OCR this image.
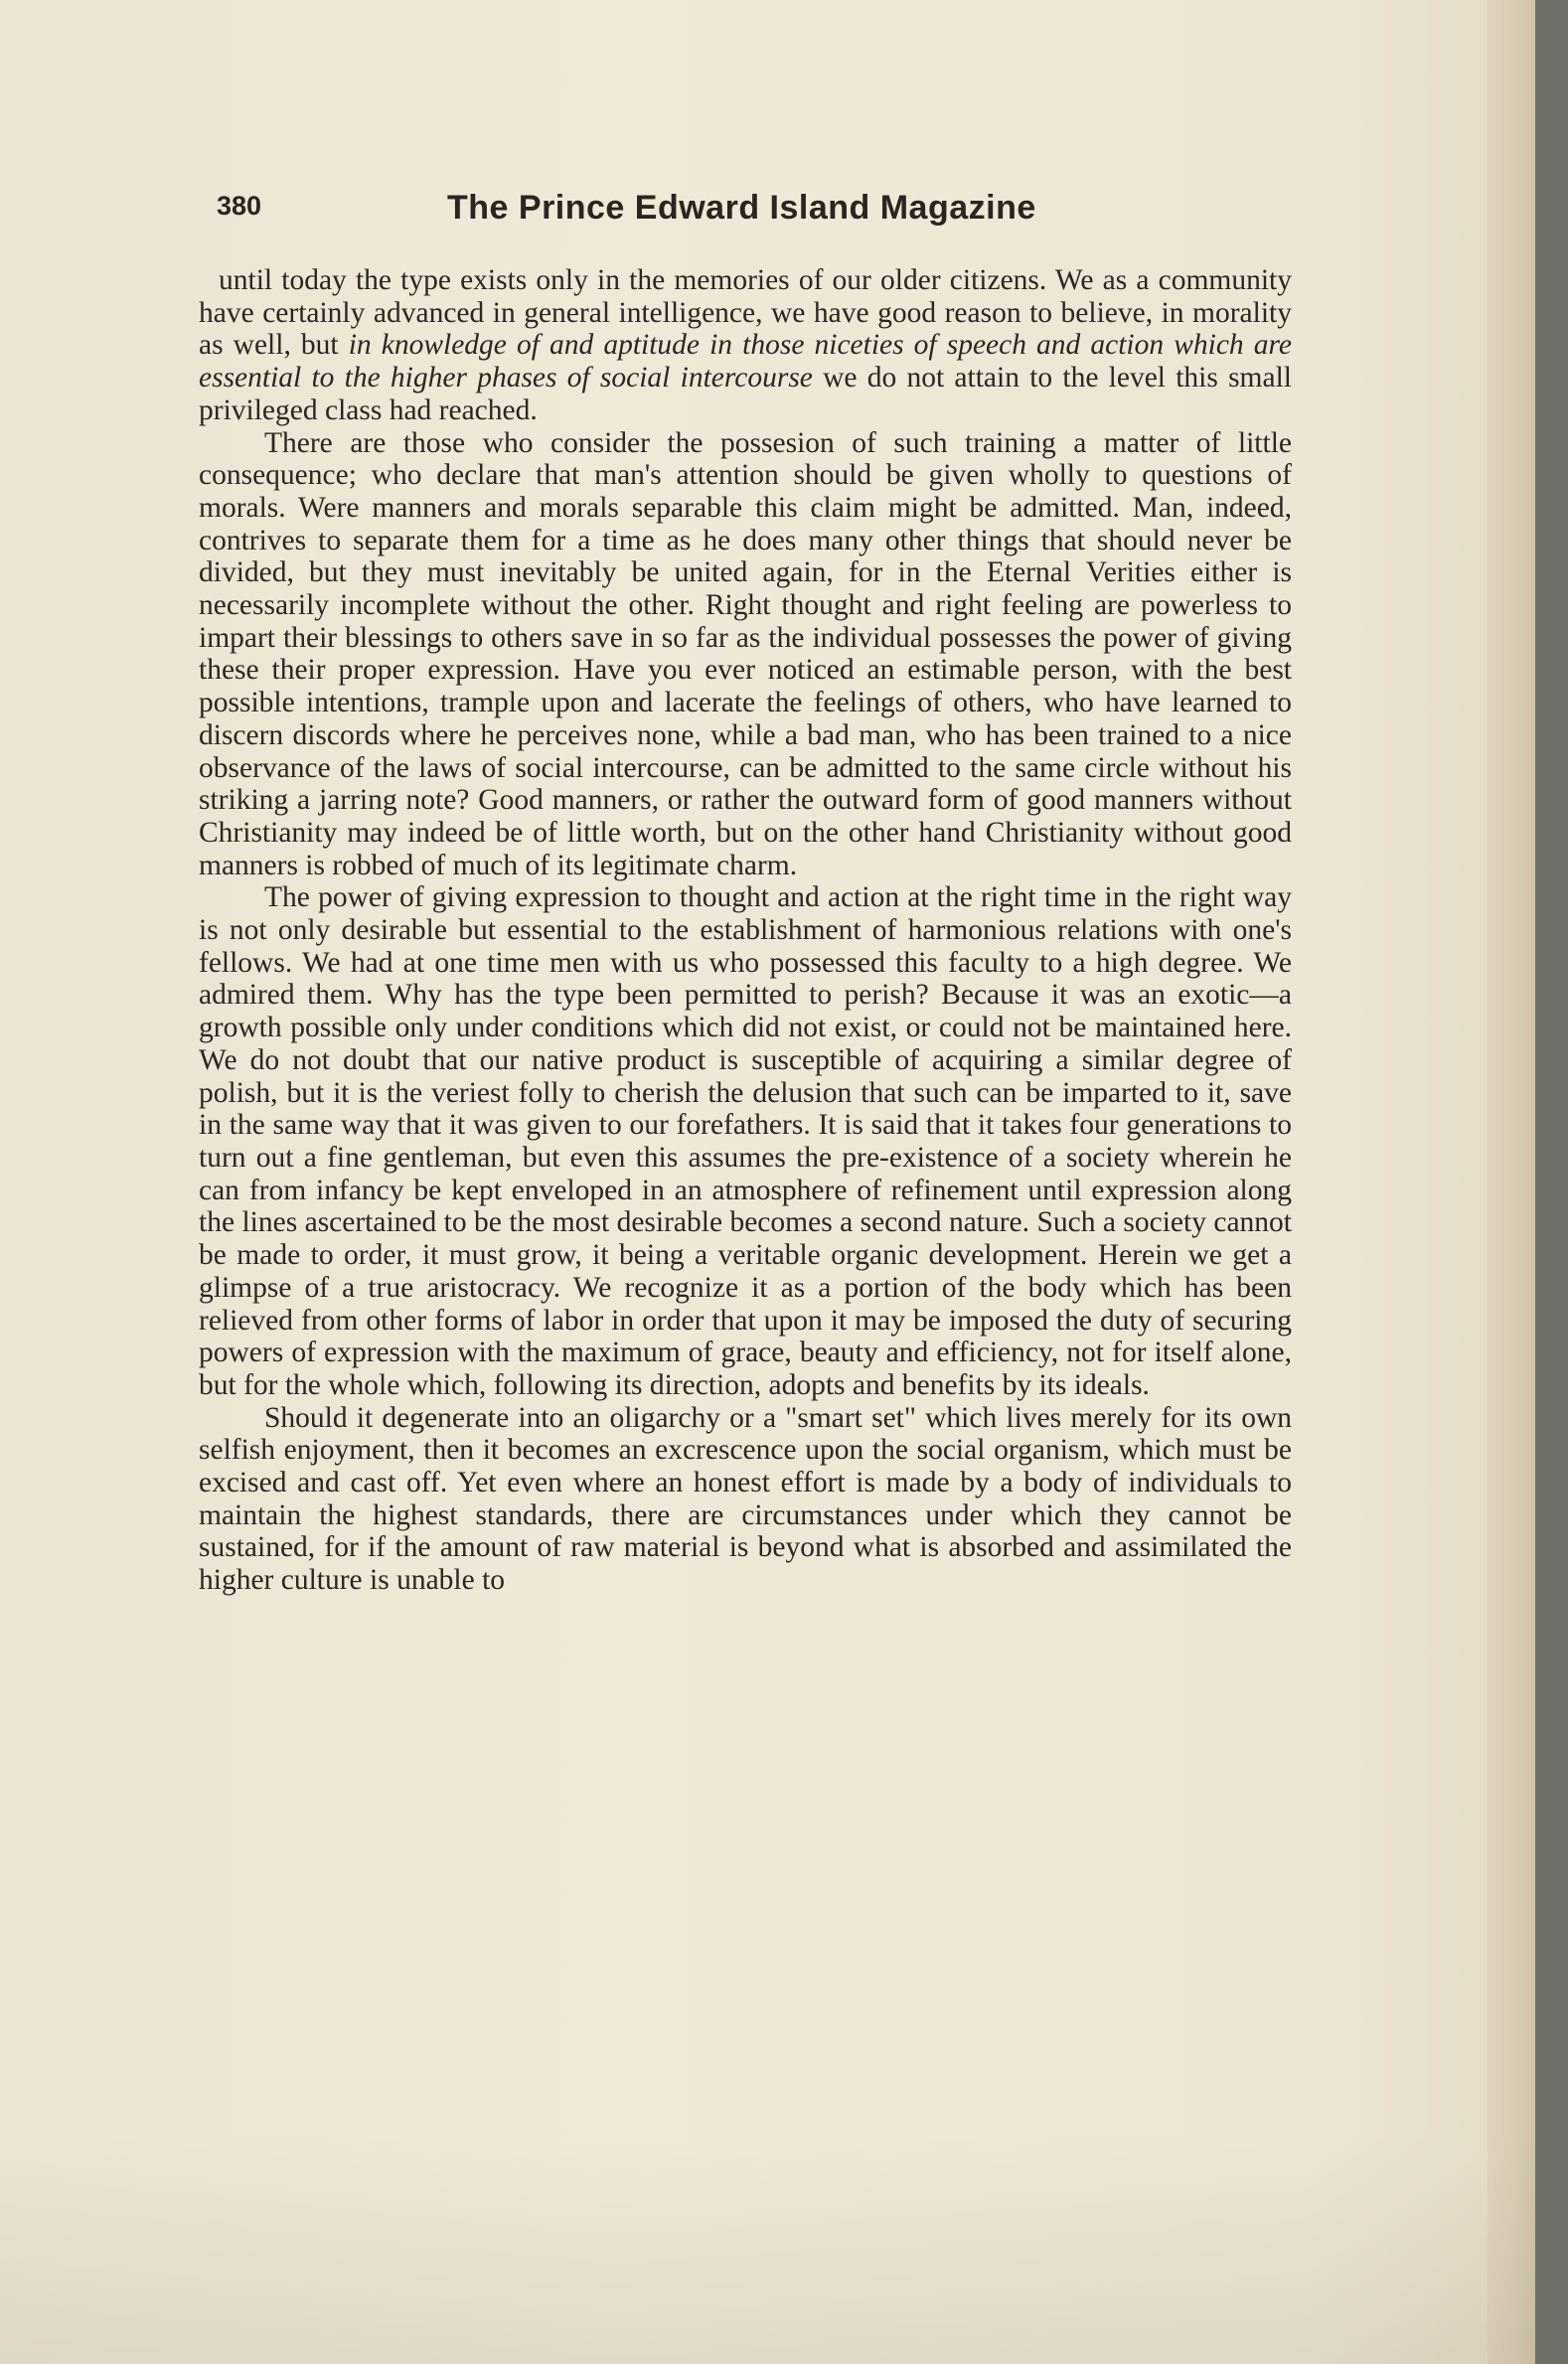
380	The Prince Edward Island Magazine

until today the type exists only in the memories of our older citizens. We as a community have certainly advanced in general intelligence, we have good reason to believe, in morality as well, but in knowledge of and aptitude in those niceties of speech and action which are essential to the higher phases of social intercourse we do not attain to the level this small privileged class had reached.

There are those who consider the possesion of such training a matter of little consequence; who declare that man's attention should be given wholly to questions of morals. Were manners and morals separable this claim might be admitted. Man, indeed, contrives to separate them for a time as he does many other things that should never be divided, but they must inevitably be united again, for in the Eternal Verities either is necessarily incomplete without the other. Right thought and right feeling are powerless to impart their blessings to others save in so far as the individual possesses the power of giving these their proper expression. Have you ever noticed an estimable person, with the best possible intentions, trample upon and lacerate the feelings of others, who have learned to discern discords where he perceives none, while a bad man, who has been trained to a nice observance of the laws of social intercourse, can be admitted to the same circle without his striking a jarring note? Good manners, or rather the outward form of good manners without Christianity may indeed be of little worth, but on the other hand Christianity without good manners is robbed of much of its legitimate charm.

The power of giving expression to thought and action at the right time in the right way is not only desirable but essential to the establishment of harmonious relations with one's fellows. We had at one time men with us who possessed this faculty to a high degree. We admired them. Why has the type been permitted to perish? Because it was an exotic—a growth possible only under conditions which did not exist, or could not be maintained here. We do not doubt that our native product is susceptible of acquiring a similar degree of polish, but it is the veriest folly to cherish the delusion that such can be imparted to it, save in the same way that it was given to our forefathers. It is said that it takes four generations to turn out a fine gentleman, but even this assumes the pre-existence of a society wherein he can from infancy be kept enveloped in an atmosphere of refinement until expression along the lines ascertained to be the most desirable becomes a second nature. Such a society cannot be made to order, it must grow, it being a veritable organic development. Herein we get a glimpse of a true aristocracy. We recognize it as a portion of the body which has been relieved from other forms of labor in order that upon it may be imposed the duty of securing powers of expression with the maximum of grace, beauty and efficiency, not for itself alone, but for the whole which, following its direction, adopts and benefits by its ideals.

Should it degenerate into an oligarchy or a "smart set" which lives merely for its own selfish enjoyment, then it becomes an excrescence upon the social organism, which must be excised and cast off. Yet even where an honest effort is made by a body of individuals to maintain the highest standards, there are circumstances under which they cannot be sustained, for if the amount of raw material is beyond what is absorbed and assimilated the higher culture is unable to
